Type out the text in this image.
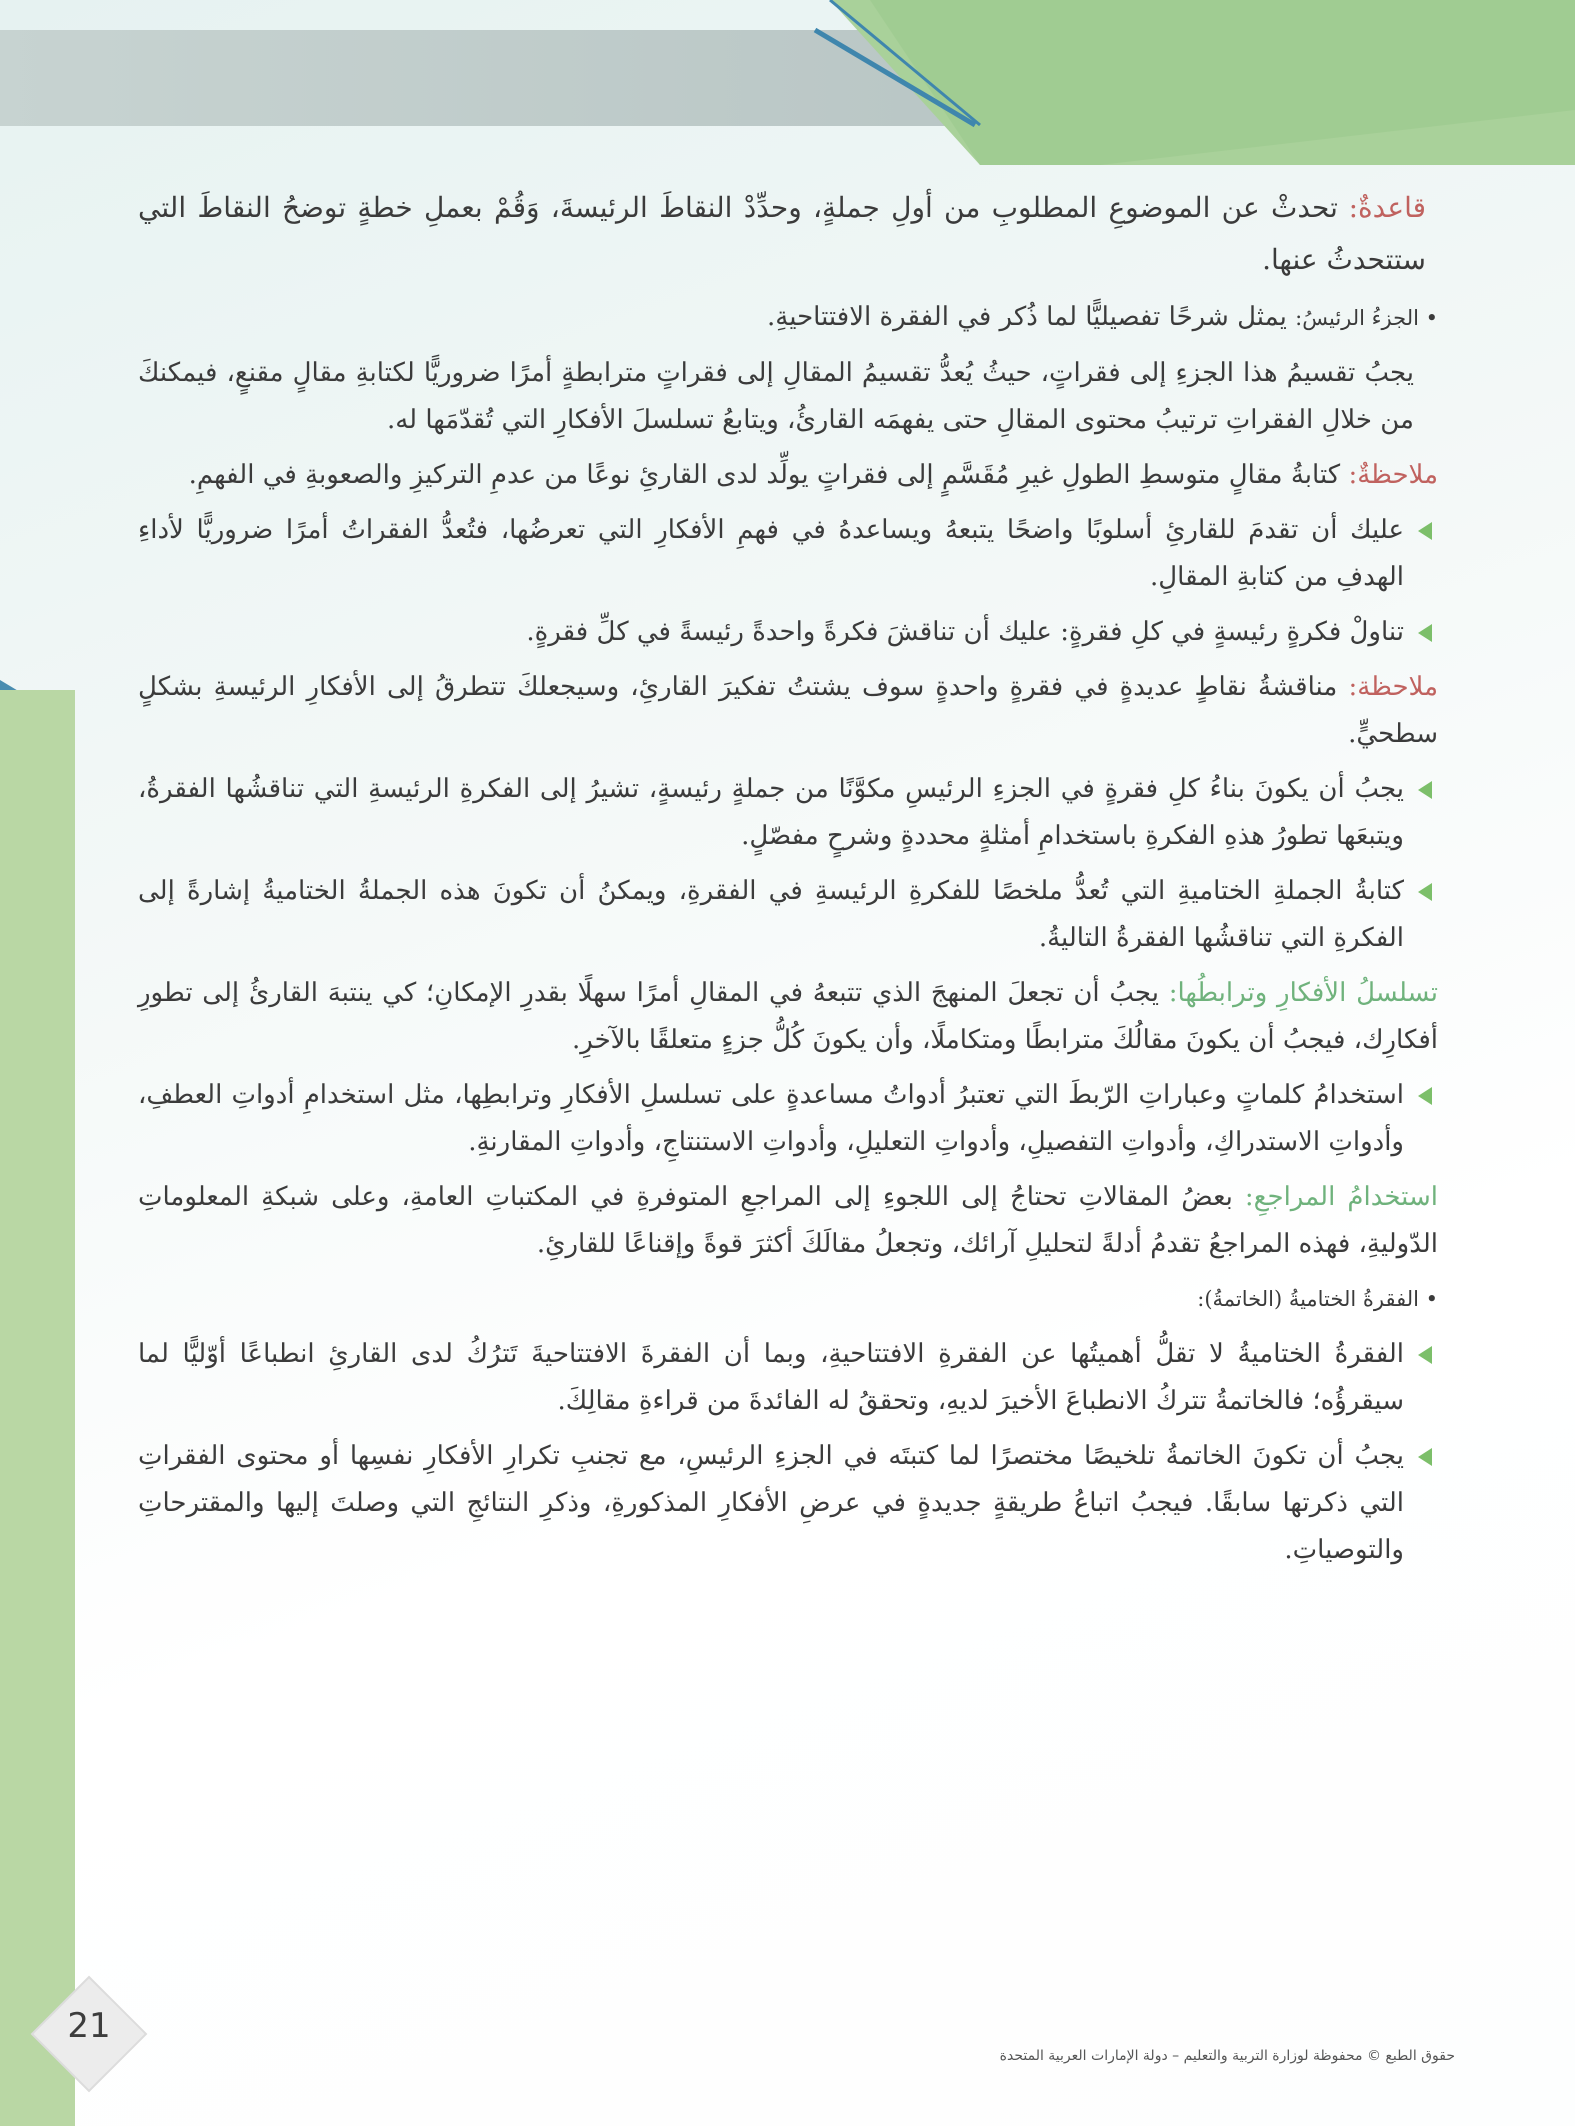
قاعدةٌ: تحدثْ عن الموضوعِ المطلوبِ من أولِ جملةٍ، وحدِّدْ النقاطَ الرئيسةَ، وَقُمْ بعملِ خطةٍ توضحُ النقاطَ التي ستتحدثُ عنها.

• الجزءُ الرئيسُ: يمثل شرحًا تفصيليًّا لما ذُكر في الفقرة الافتتاحيةِ.

يجبُ تقسيمُ هذا الجزءِ إلى فقراتٍ، حيثُ يُعدُّ تقسيمُ المقالِ إلى فقراتٍ مترابطةٍ أمرًا ضروريًّا لكتابةِ مقالٍ مقنعٍ، فيمكنكَ من خلالِ الفقراتِ ترتيبُ محتوى المقالِ حتى يفهمَه القارئُ، ويتابعُ تسلسلَ الأفكارِ التي تُقدّمَها له.

ملاحظةٌ: كتابةُ مقالٍ متوسطِ الطولِ غيرِ مُقَسَّمٍ إلى فقراتٍ يولِّد لدى القارئِ نوعًا من عدمِ التركيزِ والصعوبةِ في الفهمِ.

عليك أن تقدمَ للقارئِ أسلوبًا واضحًا يتبعهُ ويساعدهُ في فهمِ الأفكارِ التي تعرضُها، فتُعدُّ الفقراتُ أمرًا ضروريًّا لأداءِ الهدفِ من كتابةِ المقالِ.

تناولْ فكرةٍ رئيسةٍ في كلِ فقرةٍ: عليك أن تناقشَ فكرةً واحدةً رئيسةً في كلِّ فقرةٍ.

ملاحظة: مناقشةُ نقاطٍ عديدةٍ في فقرةٍ واحدةٍ سوف يشتتُ تفكيرَ القارئِ، وسيجعلكَ تتطرقُ إلى الأفكارِ الرئيسةِ بشكلٍ سطحيٍّ.

يجبُ أن يكونَ بناءُ كلِ فقرةٍ في الجزءِ الرئيسِ مكوَّنًا من جملةٍ رئيسةٍ، تشيرُ إلى الفكرةِ الرئيسةِ التي تناقشُها الفقرةُ، ويتبعَها تطورُ هذهِ الفكرةِ باستخدامِ أمثلةٍ محددةٍ وشرحٍ مفصّلٍ.

كتابةُ الجملةِ الختاميةِ التي تُعدُّ ملخصًا للفكرةِ الرئيسةِ في الفقرةِ، ويمكنُ أن تكونَ هذه الجملةُ الختاميةُ إشارةً إلى الفكرةِ التي تناقشُها الفقرةُ التاليةُ.

تسلسلُ الأفكارِ وترابطُها: يجبُ أن تجعلَ المنهجَ الذي تتبعهُ في المقالِ أمرًا سهلًا بقدرِ الإمكانِ؛ كي ينتبهَ القارئُ إلى تطورِ أفكارِك، فيجبُ أن يكونَ مقالُكَ مترابطًا ومتكاملًا، وأن يكونَ كُلُّ جزءٍ متعلقًا بالآخرِ.

استخدامُ كلماتٍ وعباراتِ الرّبطَ التي تعتبرُ أدواتُ مساعدةٍ على تسلسلِ الأفكارِ وترابطِها، مثل استخدامِ أدواتِ العطفِ، وأدواتِ الاستدراكِ، وأدواتِ التفصيلِ، وأدواتِ التعليلِ، وأدواتِ الاستنتاجِ، وأدواتِ المقارنةِ.

استخدامُ المراجعِ: بعضُ المقالاتِ تحتاجُ إلى اللجوءِ إلى المراجعِ المتوفرةِ في المكتباتِ العامةِ، وعلى شبكةِ المعلوماتِ الدّوليةِ، فهذه المراجعُ تقدمُ أدلةً لتحليلِ آرائك، وتجعلُ مقالَكَ أكثرَ قوةً وإقناعًا للقارئِ.

• الفقرةُ الختاميةُ (الخاتمةُ):

الفقرةُ الختاميةُ لا تقلُّ أهميتُها عن الفقرةِ الافتتاحيةِ، وبما أن الفقرةَ الافتتاحيةَ تَترُكُ لدى القارئِ انطباعًا أوّليًّا لما سيقرؤُه؛ فالخاتمةُ تتركُ الانطباعَ الأخيرَ لديهِ، وتحققُ له الفائدةَ من قراءةِ مقالِكَ.

يجبُ أن تكونَ الخاتمةُ تلخيصًا مختصرًا لما كتبتَه في الجزءِ الرئيسِ، مع تجنبِ تكرارِ الأفكارِ نفسِها أو محتوى الفقراتِ التي ذكرتها سابقًا. فيجبُ اتباعُ طريقةٍ جديدةٍ في عرضِ الأفكارِ المذكورةِ، وذكرِ النتائجِ التي وصلتَ إليها والمقترحاتِ والتوصياتِ.

21
حقوق الطبع © محفوظة لوزارة التربية والتعليم – دولة الإمارات العربية المتحدة
